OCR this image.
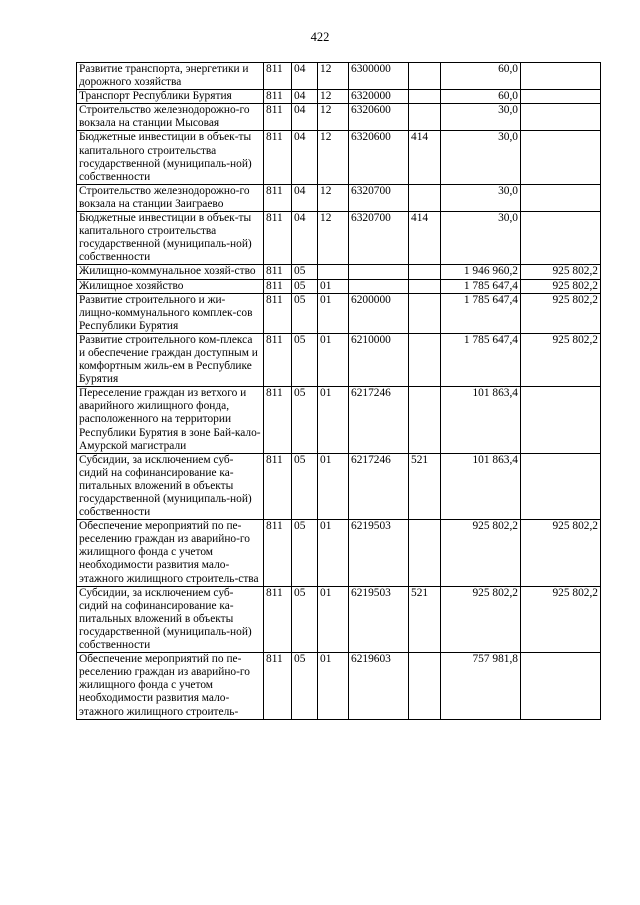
422
Развитие транспорта, энергетики и дорожного хозяйства	811	04	12	6300000		60,0	
Транспорт Республики Бурятия	811	04	12	6320000		60,0	
Строительство железнодорожно-го вокзала на станции Мысовая	811	04	12	6320600		30,0	
Бюджетные инвестиции в объек-ты капитального строительства государственной (муниципаль-ной) собственности	811	04	12	6320600	414	30,0	
Строительство железнодорожно-го вокзала на станции Заиграево	811	04	12	6320700		30,0	
Бюджетные инвестиции в объек-ты капитального строительства государственной (муниципаль-ной) собственности	811	04	12	6320700	414	30,0	
Жилищно-коммунальное хозяй-ство	811	05				1 946 960,2	925 802,2
Жилищное хозяйство	811	05	01			1 785 647,4	925 802,2
Развитие строительного и жи-лищно-коммунального комплек-сов Республики Бурятия	811	05	01	6200000		1 785 647,4	925 802,2
Развитие строительного ком-плекса и обеспечение граждан доступным и комфортным жиль-ем в Республике Бурятия	811	05	01	6210000		1 785 647,4	925 802,2
Переселение граждан из ветхого и аварийного жилищного фонда, расположенного на территории Республики Бурятия в зоне Бай-кало-Амурской магистрали	811	05	01	6217246		101 863,4	
Субсидии, за исключением суб-сидий на софинансирование ка-питальных вложений в объекты государственной (муниципаль-ной) собственности	811	05	01	6217246	521	101 863,4	
Обеспечение мероприятий по пе-реселению граждан из аварийно-го жилищного фонда с учетом необходимости развития мало-этажного жилищного строитель-ства	811	05	01	6219503		925 802,2	925 802,2
Субсидии, за исключением суб-сидий на софинансирование ка-питальных вложений в объекты государственной (муниципаль-ной) собственности	811	05	01	6219503	521	925 802,2	925 802,2
Обеспечение мероприятий по пе-реселению граждан из аварийно-го жилищного фонда с учетом необходимости развития мало-этажного жилищного строитель-	811	05	01	6219603		757 981,8	
